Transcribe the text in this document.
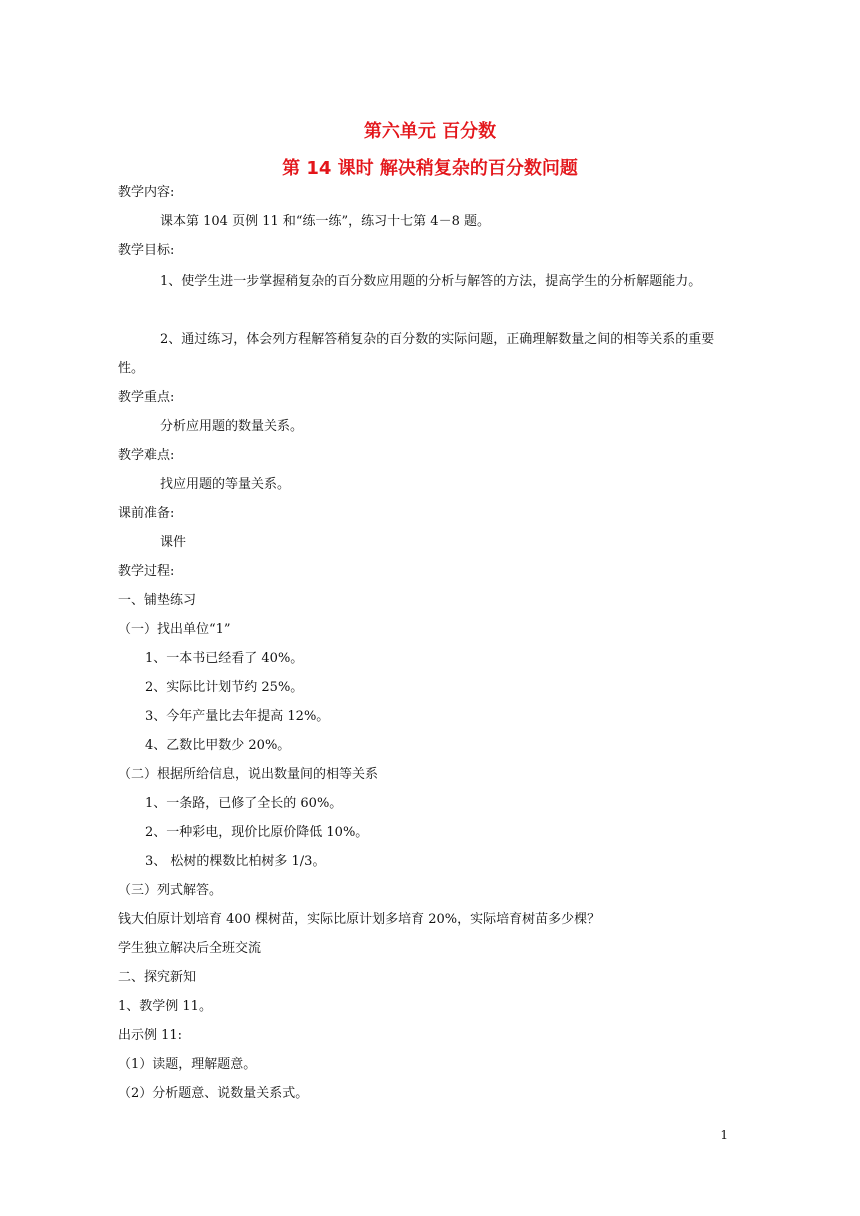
第六单元 百分数
第 14 课时 解决稍复杂的百分数问题
教学内容:
课本第 104 页例 11 和“练一练”，练习十七第 4－8 题。
教学目标:
1、使学生进一步掌握稍复杂的百分数应用题的分析与解答的方法，提高学生的分析解题能力。
2、通过练习，体会列方程解答稍复杂的百分数的实际问题，正确理解数量之间的相等关系的重要性。
教学重点:
分析应用题的数量关系。
教学难点:
找应用题的等量关系。
课前准备:
课件
教学过程:
一、铺垫练习
（一）找出单位“1”
1、一本书已经看了 40%。
2、实际比计划节约 25%。
3、今年产量比去年提高 12%。
4、乙数比甲数少 20%。
（二）根据所给信息，说出数量间的相等关系
1、一条路，已修了全长的 60%。
2、一种彩电，现价比原价降低 10%。
3、 松树的棵数比柏树多 1/3。
（三）列式解答。
钱大伯原计划培育 400 棵树苗，实际比原计划多培育 20%，实际培育树苗多少棵？
学生独立解决后全班交流
二、探究新知
1、教学例 11。
出示例 11:
（1）读题，理解题意。
（2）分析题意、说数量关系式。
1
